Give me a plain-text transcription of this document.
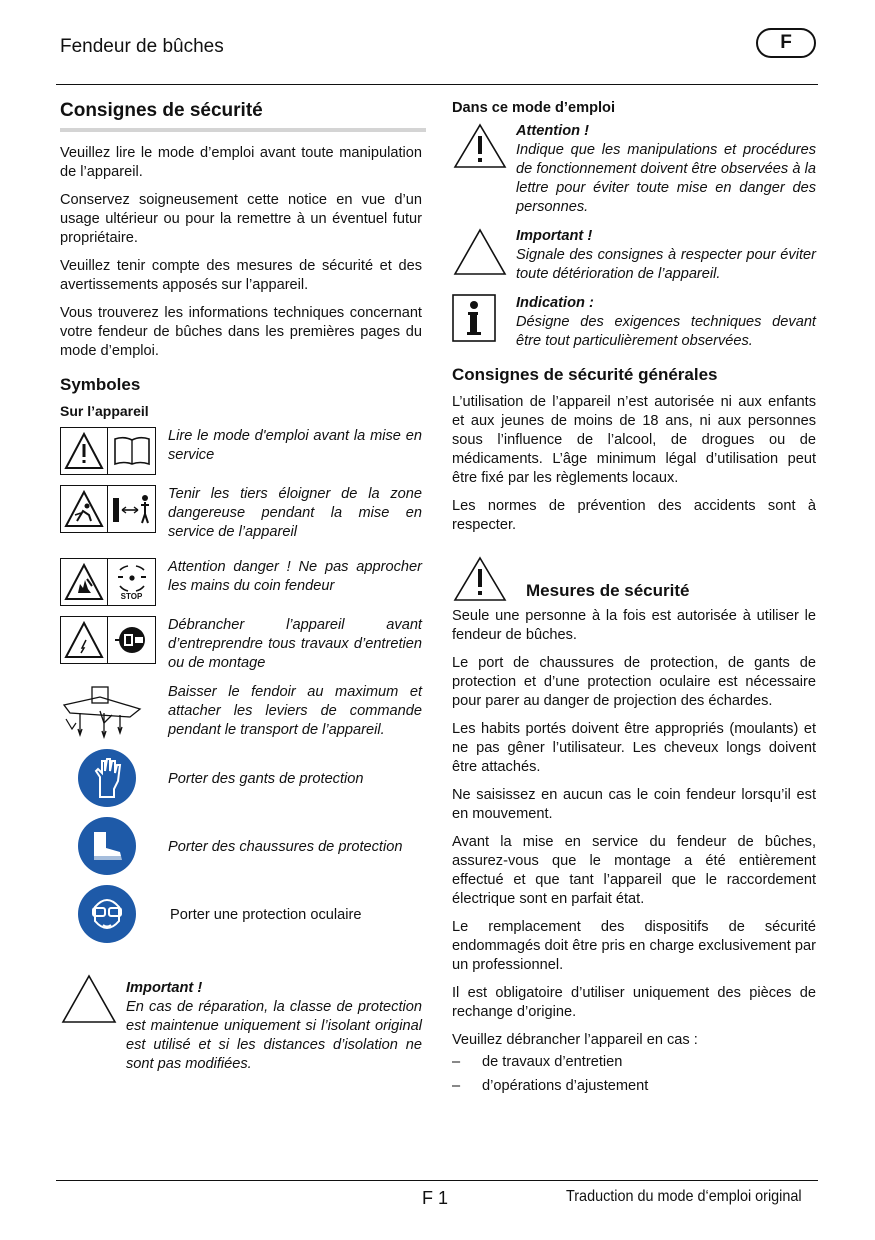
Fendeur de bûches	F
Consignes de sécurité

Veuillez lire le mode d’emploi avant toute manipulation de l’appareil.

Conservez soigneusement cette notice en vue d’un usage ultérieur ou pour la remettre à un éventuel futur propriétaire.

Veuillez tenir compte des mesures de sécurité et des avertissements apposés sur l’appareil.

Vous trouverez les informations techniques concernant votre fendeur de bûches dans les premières pages du mode d’emploi.

Symboles
Sur l’appareil
Lire le mode d'emploi avant la mise en service
Tenir les tiers éloigner de la zone dangereuse pendant la mise en service de l’appareil
STOP
Attention danger ! Ne pas approcher les mains du coin fendeur
Débrancher l’appareil avant d’entreprendre tous travaux d’entretien ou de montage
Baisser le fendoir au maximum et attacher les leviers de commande pendant le transport de l’appareil.
Porter des gants de protection
Porter des chaussures de protection
Porter une protection oculaire
Important !
En cas de réparation, la classe de protection est maintenue uniquement si l’isolant original est utilisé et si les distances d’isolation ne sont pas modifiées.
Dans ce mode d’emploi
Attention !
Indique que les manipulations et procédures de fonctionnement doivent être observées à la lettre pour éviter toute mise en danger des personnes.
Important !
Signale des consignes à respecter pour éviter toute détérioration de l’appareil.
Indication :
Désigne des exigences techniques devant être tout particulièrement observées.
Consignes de sécurité générales

L’utilisation de l’appareil n’est autorisée ni aux enfants et aux jeunes de moins de 18 ans, ni aux personnes sous l’influence de l’alcool, de drogues ou de médicaments. L’âge minimum légal d’utilisation peut être fixé par les règlements locaux.

Les normes de prévention des accidents sont à respecter.

Mesures de sécurité

Seule une personne à la fois est autorisée à utiliser le fendeur de bûches.

Le port de chaussures de protection, de gants de protection et d’une protection oculaire est nécessaire pour parer au danger de projection des échardes.

Les habits portés doivent être appropriés (moulants) et ne pas gêner l’utilisateur. Les cheveux longs doivent être attachés.

Ne saisissez en aucun cas le coin fendeur lorsqu’il est en mouvement.

Avant la mise en service du fendeur de bûches, assurez-vous que le montage a été entièrement effectué et que tant l’appareil que le raccordement électrique sont en parfait état.

Le remplacement des dispositifs de sécurité endommagés doit être pris en charge exclusivement par un professionnel.

Il est obligatoire d’utiliser uniquement des pièces de rechange d’origine.

Veuillez débrancher l’appareil en cas :

– de travaux d’entretien
– d’opérations d’ajustement
F 1	Traduction du mode d‘emploi original
